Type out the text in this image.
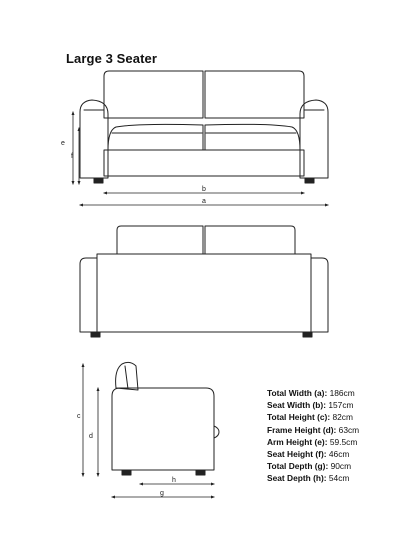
Large 3 Seater
e
f
b
a
c
d
h
g
Total Width (a): 186cm
Seat Width (b): 157cm
Total Height (c): 82cm
Frame Height (d): 63cm
Arm Height (e): 59.5cm
Seat Height (f): 46cm
Total Depth (g): 90cm
Seat Depth (h): 54cm
